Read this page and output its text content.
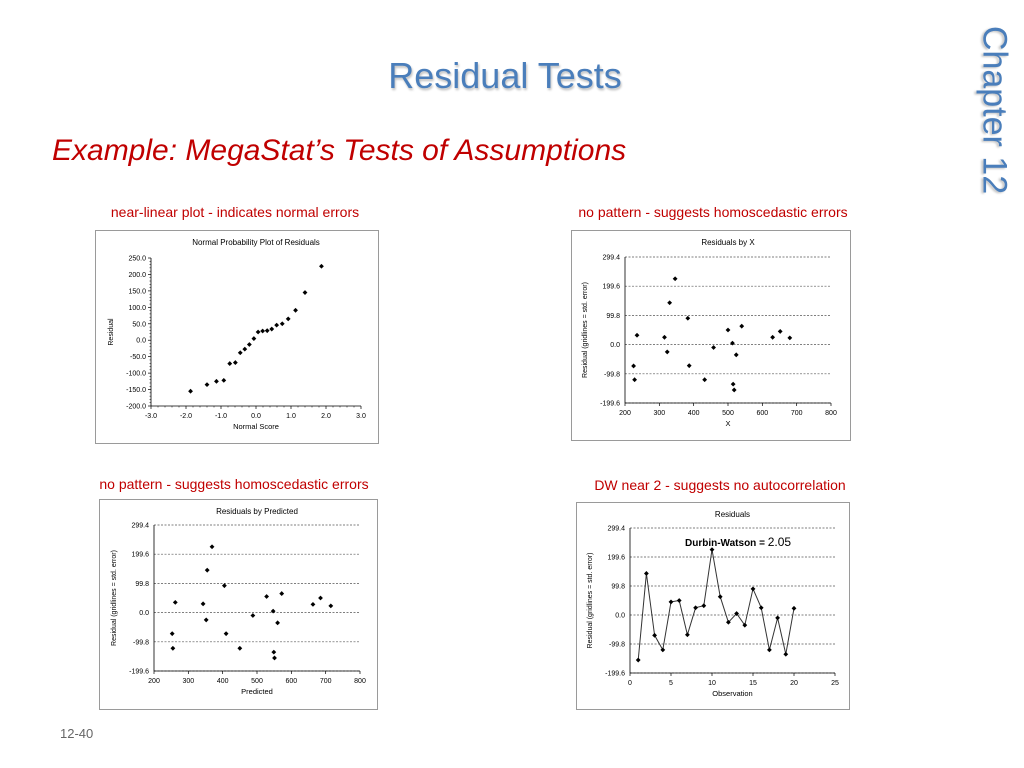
Residual Tests
Example: MegaStat’s Tests of Assumptions	Chapter 12
near-linear plot - indicates normal errors	no pattern - suggests homoscedastic errors
no pattern - suggests homoscedastic errors	DW near 2 - suggests no autocorrelation
Normal Probability Plot of Residuals
250.0
200.0
150.0
100.0
50.0
0.0
-50.0
-100.0
-150.0
-200.0
-3.0	-2.0	-1.0	0.0	1.0	2.0	3.0
Normal Score
Residual
Residuals by X
299.4
199.6
99.8
0.0
-99.8
-199.6
200	300	400	500	600	700	800
X
Residual (gridlines = std. error)
Residuals by Predicted
299.4
199.6
99.8
0.0
-99.8
-199.6
200	300	400	500	600	700	800
Predicted
Residual (gridlines = std. error)
Residuals
299.4
199.6
99.8
0.0
-99.8
-199.6
0	5	10	15	20	25
Observation
Residual (gridlines = std. error)
Durbin-Watson = 2.05
12-40
